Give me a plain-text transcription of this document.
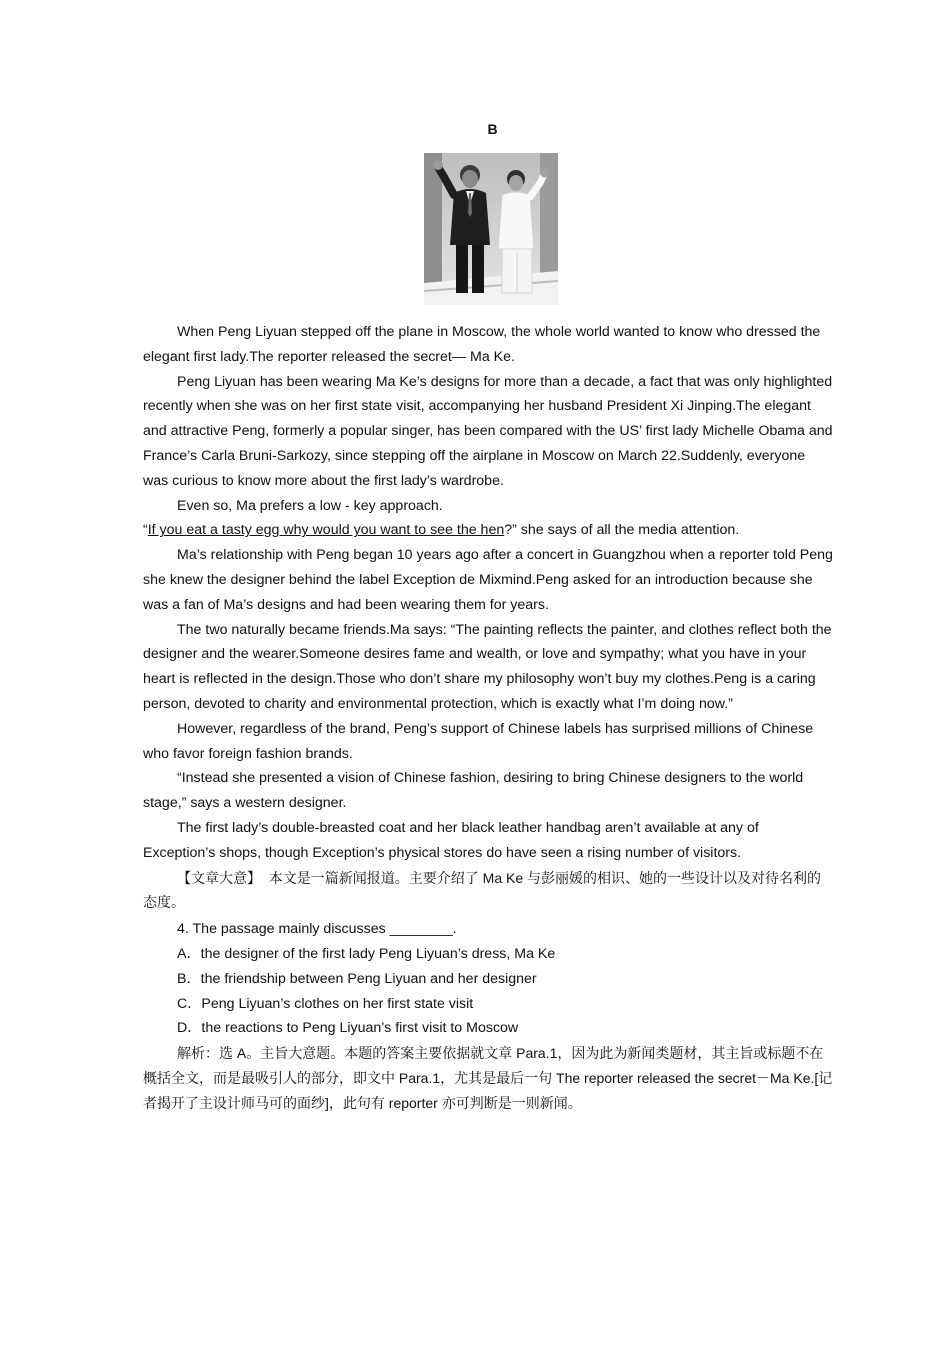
B

When Peng Liyuan stepped off the plane in Moscow, the whole world wanted to know who dressed the elegant first lady.The reporter released the secret— Ma Ke.

Peng Liyuan has been wearing Ma Ke’s designs for more than a decade, a fact that was only highlighted recently when she was on her first state visit, accompanying her husband President Xi Jinping.The elegant and attractive Peng, formerly a popular singer, has been compared with the US’ first lady Michelle Obama and France’s Carla Bruni-Sarkozy, since stepping off the airplane in Moscow on March 22.Suddenly, everyone was curious to know more about the first lady’s wardrobe.

Even so, Ma prefers a low - key approach.

“If you eat a tasty egg why would you want to see the hen?” she says of all the media attention.

Ma’s relationship with Peng began 10 years ago after a concert in Guangzhou when a reporter told Peng she knew the designer behind the label Exception de Mixmind.Peng asked for an introduction because she was a fan of Ma’s designs and had been wearing them for years.

The two naturally became friends.Ma says: “The painting reflects the painter, and clothes reflect both the designer and the wearer.Someone desires fame and wealth, or love and sympathy; what you have in your heart is reflected in the design.Those who don’t share my philosophy won’t buy my clothes.Peng is a caring person, devoted to charity and environmental protection, which is exactly what I’m doing now.”

However, regardless of the brand, Peng’s support of Chinese labels has surprised millions of Chinese who favor foreign fashion brands.

“Instead she presented a vision of Chinese fashion, desiring to bring Chinese designers to the world stage,” says a western designer.

The first lady’s double-breasted coat and her black leather handbag aren’t available at any of Exception’s shops, though Exception’s physical stores do have seen a rising number of visitors.

【文章大意】 本文是一篇新闻报道。主要介绍了 Ma Ke 与彭丽媛的相识、她的一些设计以及对待名利的态度。

4. The passage mainly discusses ________.

A．the designer of the first lady Peng Liyuan’s dress, Ma Ke

B．the friendship between Peng Liyuan and her designer

C．Peng Liyuan’s clothes on her first state visit

D．the reactions to Peng Liyuan’s first visit to Moscow

解析：选 A。主旨大意题。本题的答案主要依据就文章 Para.1，因为此为新闻类题材，其主旨或标题不在概括全文，而是最吸引人的部分，即文中 Para.1，尤其是最后一句 The reporter released the secret－Ma Ke.[记者揭开了主设计师马可的面纱]，此句有 reporter 亦可判断是一则新闻。
